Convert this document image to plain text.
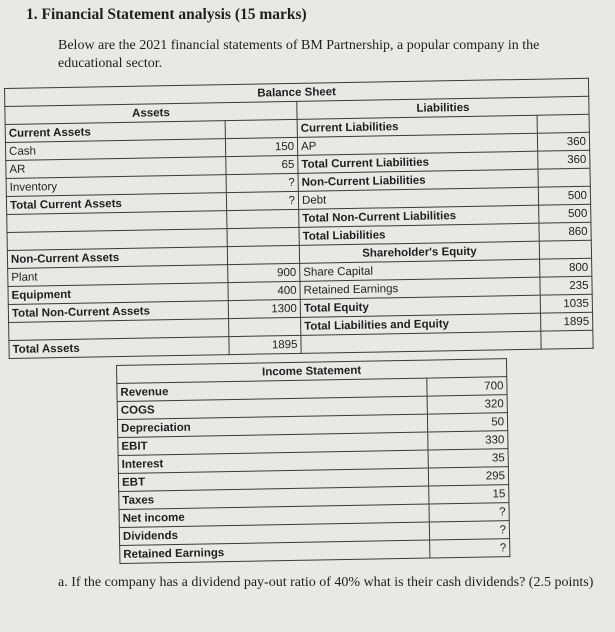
1. Financial Statement analysis (15 marks)
Below are the 2021 financial statements of BM Partnership, a popular company in the educational sector.
Balance Sheet			
Assets		Liabilities	
Current Assets		Current Liabilities	
Cash	150	AP	360
AR	65	Total Current Liabilities	360
Inventory	?	Non-Current Liabilities	
Total Current Assets	?	Debt	500
		Total Non-Current Liabilities	500
		Total Liabilities	860
Non-Current Assets		Shareholder's Equity	
Plant	900	Share Capital	800
Equipment	400	Retained Earnings	235
Total Non-Current Assets	1300	Total Equity	1035
		Total Liabilities and Equity	1895
Total Assets	1895		
Income Statement	
Revenue	700
COGS	320
Depreciation	50
EBIT	330
Interest	35
EBT	295
Taxes	15
Net income	?
Dividends	?
Retained Earnings	?
a. If the company has a dividend pay-out ratio of 40% what is their cash dividends? (2.5 points)
